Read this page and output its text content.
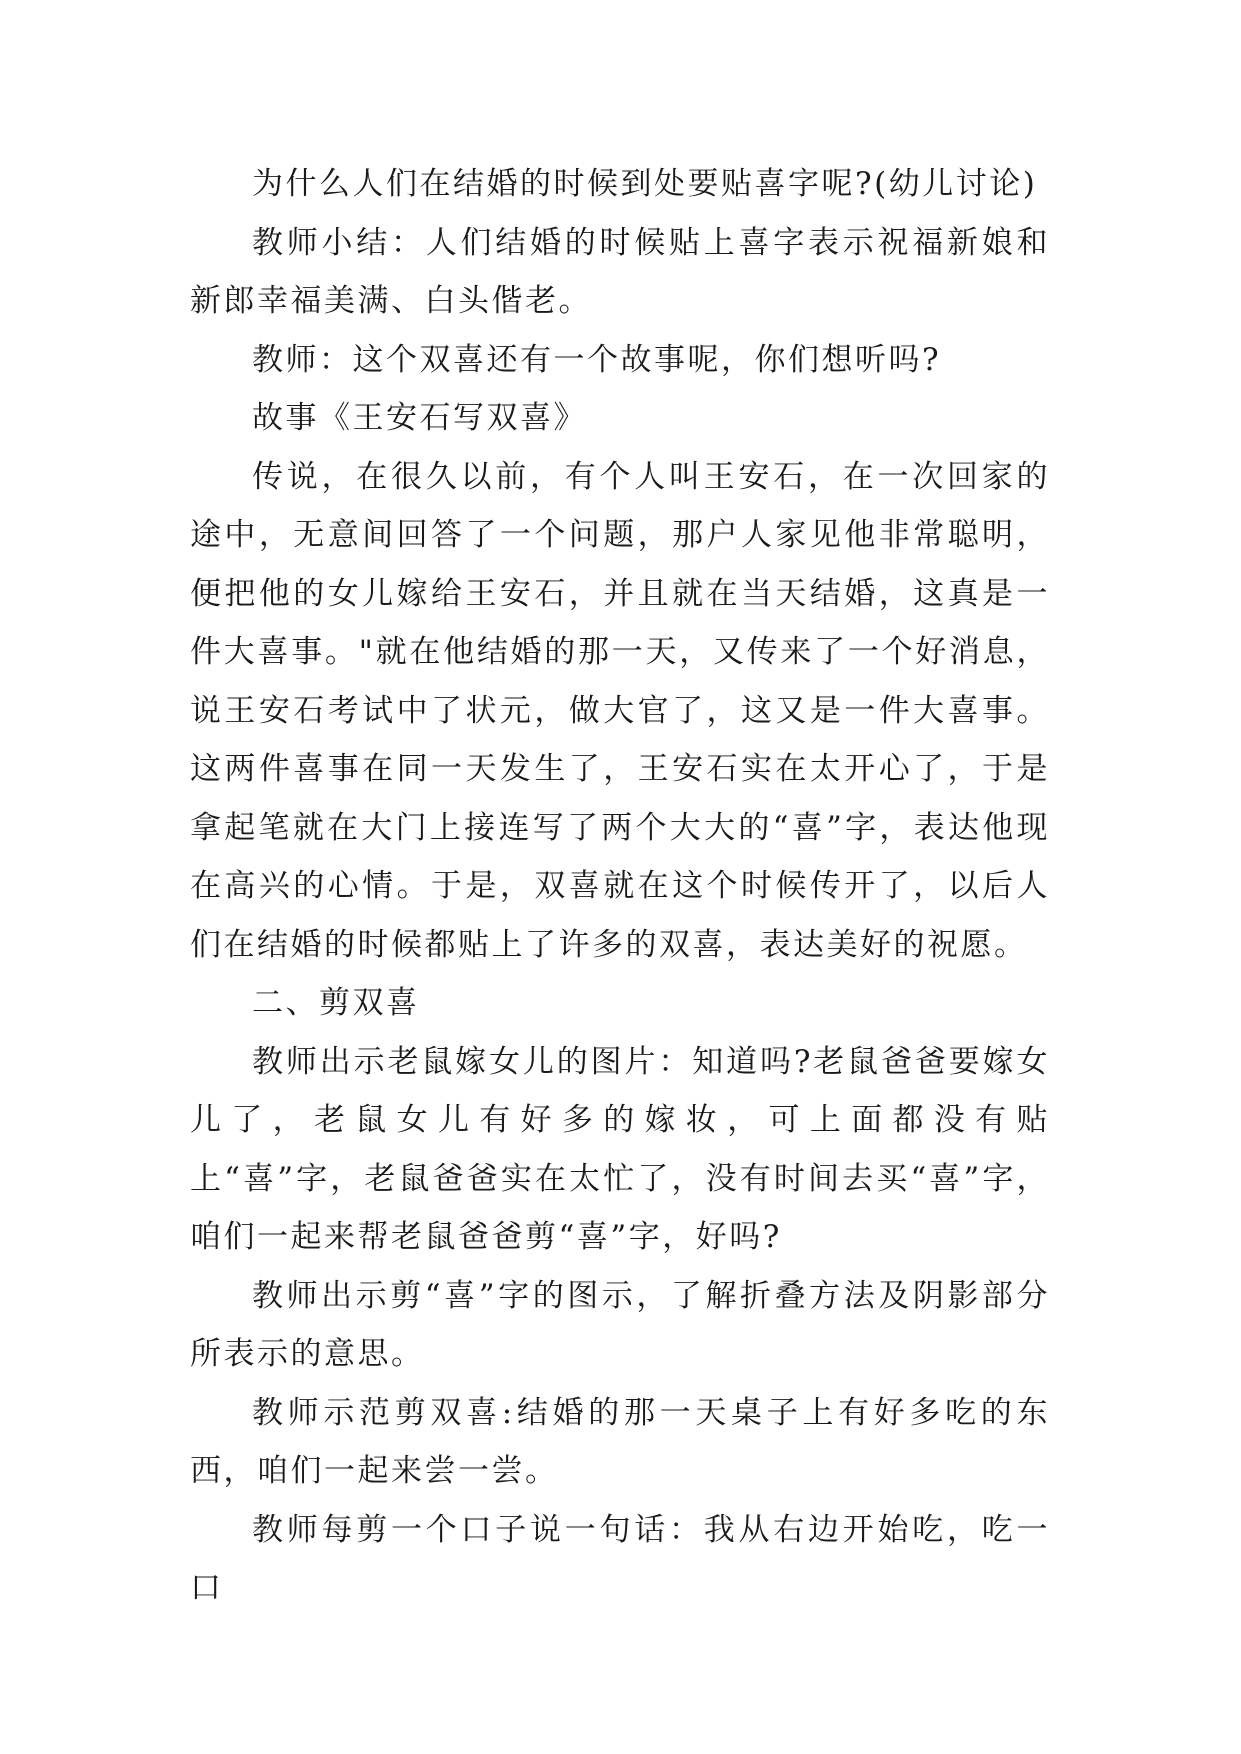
为什么人们在结婚的时候到处要贴喜字呢?(幼儿讨论)

教师小结：人们结婚的时候贴上喜字表示祝福新娘和新郎幸福美满、白头偕老。

教师：这个双喜还有一个故事呢，你们想听吗?

故事《王安石写双喜》

传说，在很久以前，有个人叫王安石，在一次回家的途中，无意间回答了一个问题，那户人家见他非常聪明，便把他的女儿嫁给王安石，并且就在当天结婚，这真是一件大喜事。"就在他结婚的那一天，又传来了一个好消息，说王安石考试中了状元，做大官了，这又是一件大喜事。这两件喜事在同一天发生了，王安石实在太开心了，于是拿起笔就在大门上接连写了两个大大的“喜”字，表达他现在高兴的心情。于是，双喜就在这个时候传开了，以后人们在结婚的时候都贴上了许多的双喜，表达美好的祝愿。

二、剪双喜

教师出示老鼠嫁女儿的图片：知道吗?老鼠爸爸要嫁女儿了，老鼠女儿有好多的嫁妆，可上面都没有贴上“喜”字，老鼠爸爸实在太忙了，没有时间去买“喜”字，咱们一起来帮老鼠爸爸剪“喜”字，好吗?

教师出示剪“喜”字的图示，了解折叠方法及阴影部分所表示的意思。

教师示范剪双喜:结婚的那一天桌子上有好多吃的东西，咱们一起来尝一尝。

教师每剪一个口子说一句话：我从右边开始吃，吃一口
